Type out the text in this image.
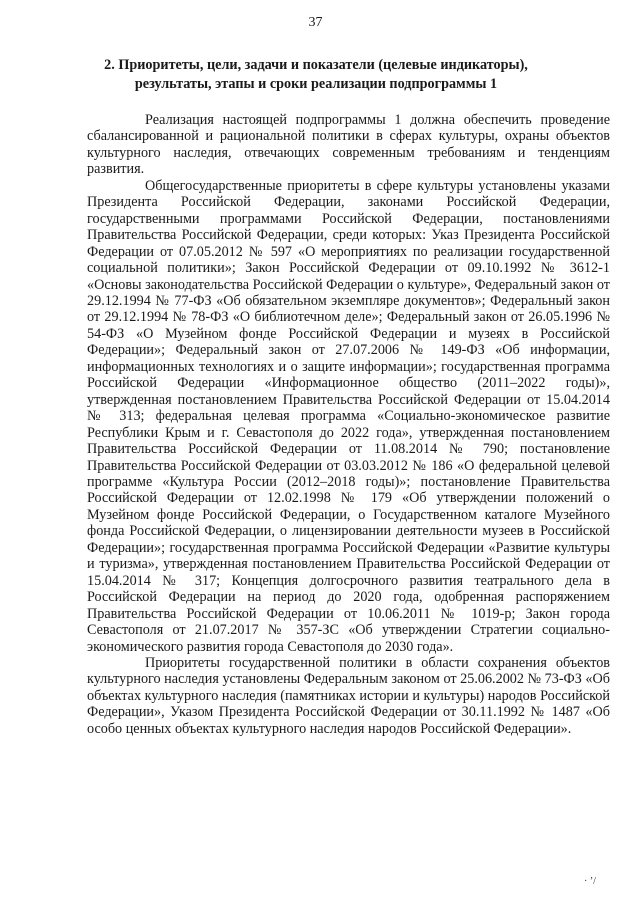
37
2. Приоритеты, цели, задачи и показатели (целевые индикаторы),
результаты, этапы и сроки реализации подпрограммы 1

Реализация настоящей подпрограммы 1 должна обеспечить проведение сбалансированной и рациональной политики в сферах культуры, охраны объектов культурного наследия, отвечающих современным требованиям и тенденциям развития.

Общегосударственные приоритеты в сфере культуры установлены указами Президента Российской Федерации, законами Российской Федерации, государственными программами Российской Федерации, постановлениями Правительства Российской Федерации, среди которых: Указ Президента Российской Федерации от 07.05.2012 № 597 «О мероприятиях по реализации государственной социальной политики»; Закон Российской Федерации от 09.10.1992 № 3612-1 «Основы законодательства Российской Федерации о культуре», Федеральный закон от 29.12.1994 № 77-ФЗ «Об обязательном экземпляре документов»; Федеральный закон от 29.12.1994 № 78-ФЗ «О библиотечном деле»; Федеральный закон от 26.05.1996 № 54-ФЗ «О Музейном фонде Российской Федерации и музеях в Российской Федерации»; Федеральный закон от 27.07.2006 № 149-ФЗ «Об информации, информационных технологиях и о защите информации»; государственная программа Российской Федерации «Информационное общество (2011–2022 годы)», утвержденная постановлением Правительства Российской Федерации от 15.04.2014 № 313; федеральная целевая программа «Социально-экономическое развитие Республики Крым и г. Севастополя до 2022 года», утвержденная постановлением Правительства Российской Федерации от 11.08.2014 № 790; постановление Правительства Российской Федерации от 03.03.2012 № 186 «О федеральной целевой программе «Культура России (2012–2018 годы)»; постановление Правительства Российской Федерации от 12.02.1998 № 179 «Об утверждении положений о Музейном фонде Российской Федерации, о Государственном каталоге Музейного фонда Российской Федерации, о лицензировании деятельности музеев в Российской Федерации»; государственная программа Российской Федерации «Развитие культуры и туризма», утвержденная постановлением Правительства Российской Федерации от 15.04.2014 № 317; Концепция долгосрочного развития театрального дела в Российской Федерации на период до 2020 года, одобренная распоряжением Правительства Российской Федерации от 10.06.2011 № 1019-р; Закон города Севастополя от 21.07.2017 № 357-ЗС «Об утверждении Стратегии социально-экономического развития города Севастополя до 2030 года».

Приоритеты государственной политики в области сохранения объектов культурного наследия установлены Федеральным законом от 25.06.2002 № 73-ФЗ «Об объектах культурного наследия (памятниках истории и культуры) народов Российской Федерации», Указом Президента Российской Федерации от 30.11.1992 № 1487 «Об особо ценных объектах культурного наследия народов Российской Федерации».

· ʼ/
